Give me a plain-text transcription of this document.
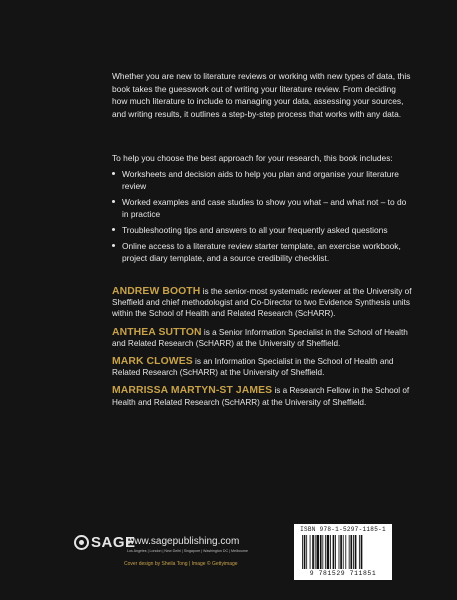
Whether you are new to literature reviews or working with new types of data, this book takes the guesswork out of writing your literature review. From deciding how much literature to include to managing your data, assessing your sources, and writing results, it outlines a step-by-step process that works with any data.

To help you choose the best approach for your research, this book includes:

Worksheets and decision aids to help you plan and organise your literature review
Worked examples and case studies to show you what – and what not – to do in practice
Troubleshooting tips and answers to all your frequently asked questions
Online access to a literature review starter template, an exercise workbook, project diary template, and a source credibility checklist.

ANDREW BOOTH is the senior-most systematic reviewer at the University of Sheffield and chief methodologist and Co-Director to two Evidence Synthesis units within the School of Health and Related Research (ScHARR).

ANTHEA SUTTON is a Senior Information Specialist in the School of Health and Related Research (ScHARR) at the University of Sheffield.

MARK CLOWES is an Information Specialist in the School of Health and Related Research (ScHARR) at the University of Sheffield.

MARRISSA MARTYN-ST JAMES is a Research Fellow in the School of Health and Related Research (ScHARR) at the University of Sheffield.

SAGE
www.sagepublishing.com
Los Angeles | London | New Delhi | Singapore | Washington DC | Melbourne
Cover design by Sheila Tong | Image © Gettyimage
ISBN 978-1-5297-1185-1
9 781529 711851
